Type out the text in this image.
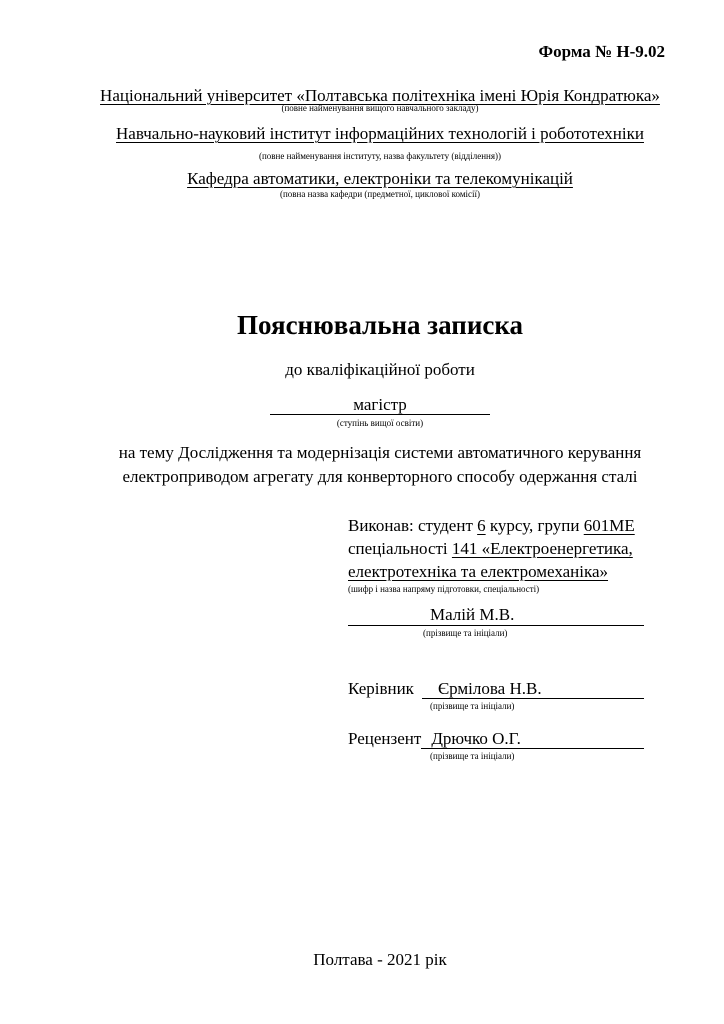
Форма № Н-9.02
Національний університет «Полтавська політехніка імені Юрія Кондратюка»
(повне найменування вищого навчального закладу)
Навчально-науковий інститут інформаційних технологій і робототехніки
(повне найменування інституту, назва факультету (відділення))
Кафедра автоматики, електроніки та телекомунікацій
(повна назва кафедри (предметної, циклової комісії)
Пояснювальна записка
до кваліфікаційної роботи
магістр
(ступінь вищої освіти)
на тему Дослідження та модернізація системи автоматичного керування
електроприводом агрегату для конверторного способу одержання сталі
Виконав: студент 6 курсу, групи 601МЕ
спеціальності 141 «Електроенергетика,
електротехніка та електромеханіка»
(шифр і назва напряму підготовки, спеціальності)
Малій М.В.
(прізвище та ініціали)
Керівник	Єрмілова Н.В.
(прізвище та ініціали)
Рецензент Дрючко О.Г.
(прізвище та ініціали)
Полтава - 2021 рік
